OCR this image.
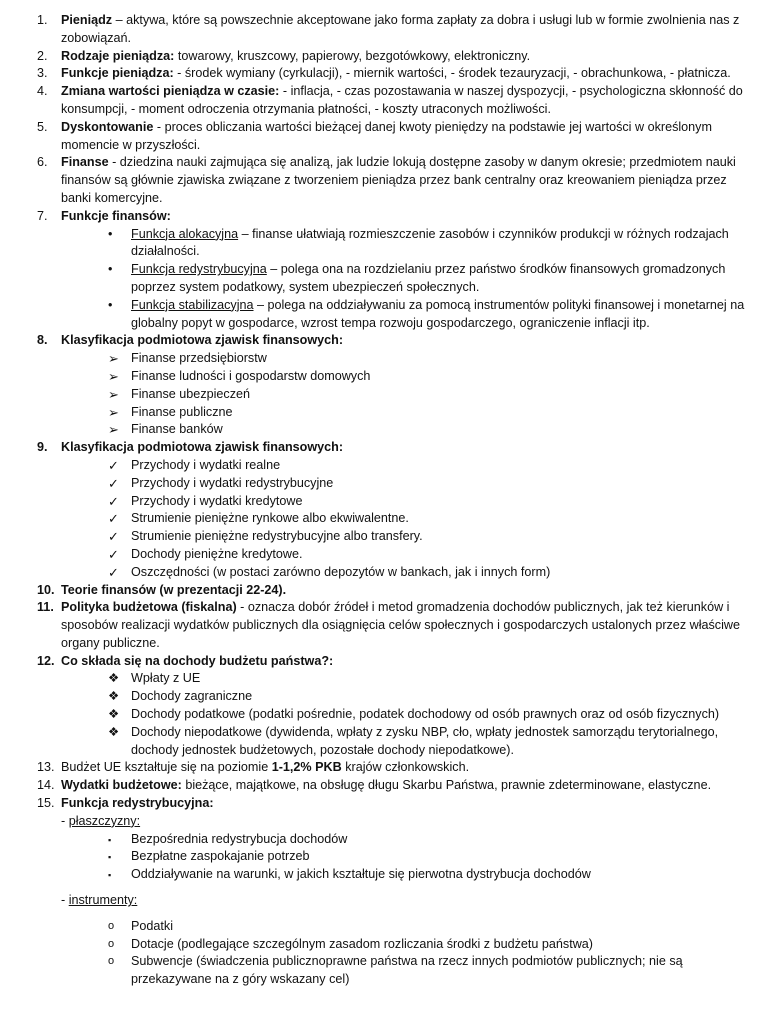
1. Pieniądz – aktywa, które są powszechnie akceptowane jako forma zapłaty za dobra i usługi lub w formie zwolnienia nas z zobowiązań.
2. Rodzaje pieniądza: towarowy, kruszcowy, papierowy, bezgotówkowy, elektroniczny.
3. Funkcje pieniądza: - środek wymiany (cyrkulacji), - miernik wartości, - środek tezauryzacji, - obrachunkowa, - płatnicza.
4. Zmiana wartości pieniądza w czasie: - inflacja, - czas pozostawania w naszej dyspozycji, - psychologiczna skłonność do konsumpcji, - moment odroczenia otrzymania płatności, - koszty utraconych możliwości.
5. Dyskontowanie - proces obliczania wartości bieżącej danej kwoty pieniędzy na podstawie jej wartości w określonym momencie w przyszłości.
6. Finanse - dziedzina nauki zajmująca się analizą, jak ludzie lokują dostępne zasoby w danym okresie; przedmiotem nauki finansów są głównie zjawiska związane z tworzeniem pieniądza przez bank centralny oraz kreowaniem pieniądza przez banki komercyjne.
7. Funkcje finansów:
• Funkcja alokacyjna – finanse ułatwiają rozmieszczenie zasobów i czynników produkcji w różnych rodzajach działalności.
• Funkcja redystrybucyjna – polega ona na rozdzielaniu przez państwo środków finansowych gromadzonych poprzez system podatkowy, system ubezpieczeń społecznych.
• Funkcja stabilizacyjna – polega na oddziaływaniu za pomocą instrumentów polityki finansowej i monetarnej na globalny popyt w gospodarce, wzrost tempa rozwoju gospodarczego, ograniczenie inflacji itp.
8. Klasyfikacja podmiotowa zjawisk finansowych:
➢ Finanse przedsiębiorstw
➢ Finanse ludności i gospodarstw domowych
➢ Finanse ubezpieczeń
➢ Finanse publiczne
➢ Finanse banków
9. Klasyfikacja podmiotowa zjawisk finansowych:
✓ Przychody i wydatki realne
✓ Przychody i wydatki redystrybucyjne
✓ Przychody i wydatki kredytowe
✓ Strumienie pieniężne rynkowe albo ekwiwalentne.
✓ Strumienie pieniężne redystrybucyjne albo transfery.
✓ Dochody pieniężne kredytowe.
✓ Oszczędności (w postaci zarówno depozytów w bankach, jak i innych form)
10. Teorie finansów (w prezentacji 22-24).
11. Polityka budżetowa (fiskalna) - oznacza dobór źródeł i metod gromadzenia dochodów publicznych, jak też kierunków i sposobów realizacji wydatków publicznych dla osiągnięcia celów społecznych i gospodarczych ustalonych przez właściwe organy publiczne.
12. Co składa się na dochody budżetu państwa?:
❖ Wpłaty z UE
❖ Dochody zagraniczne
❖ Dochody podatkowe (podatki pośrednie, podatek dochodowy od osób prawnych oraz od osób fizycznych)
❖ Dochody niepodatkowe (dywidenda, wpłaty z zysku NBP, cło, wpłaty jednostek samorządu terytorialnego, dochody jednostek budżetowych, pozostałe dochody niepodatkowe).
13. Budżet UE kształtuje się na poziomie 1-1,2% PKB krajów członkowskich.
14. Wydatki budżetowe: bieżące, majątkowe, na obsługę długu Skarbu Państwa, prawnie zdeterminowane, elastyczne.
15. Funkcja redystrybucyjna:
- płaszczyzny:
▪ Bezpośrednia redystrybucja dochodów
▪ Bezpłatne zaspokajanie potrzeb
▪ Oddziaływanie na warunki, w jakich kształtuje się pierwotna dystrybucja dochodów
- instrumenty:
o Podatki
o Dotacje (podlegające szczególnym zasadom rozliczania środki z budżetu państwa)
o Subwencje (świadczenia publicznoprawne państwa na rzecz innych podmiotów publicznych; nie są przekazywane na z góry wskazany cel)
